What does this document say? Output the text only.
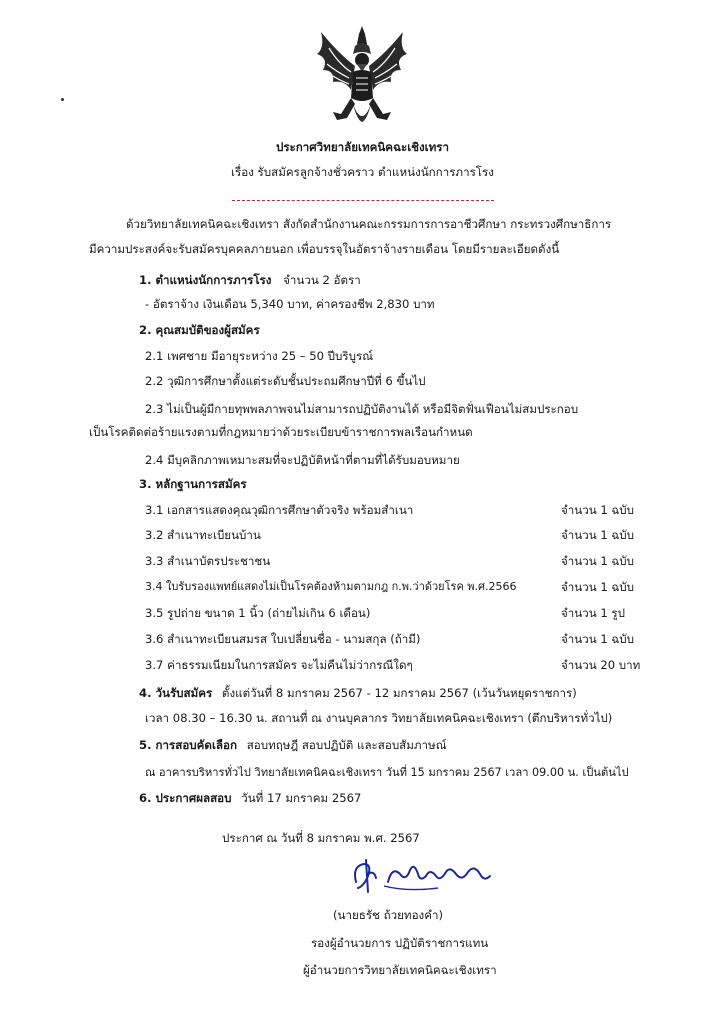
ประกาศวิทยาลัยเทคนิคฉะเชิงเทรา
เรื่อง รับสมัครลูกจ้างชั่วคราว ตำแหน่งนักการภารโรง
ด้วยวิทยาลัยเทคนิคฉะเชิงเทรา สังกัดสำนักงานคณะกรรมการการอาชีวศึกษา กระทรวงศึกษาธิการ
มีความประสงค์จะรับสมัครบุคคลภายนอก เพื่อบรรจุในอัตราจ้างรายเดือน โดยมีรายละเอียดดังนี้
1. ตำแหน่งนักการภารโรง จำนวน 2 อัตรา
- อัตราจ้าง เงินเดือน 5,340 บาท, ค่าครองชีพ 2,830 บาท
2. คุณสมบัติของผู้สมัคร
2.1 เพศชาย มีอายุระหว่าง 25 – 50 ปีบริบูรณ์
2.2 วุฒิการศึกษาตั้งแต่ระดับชั้นประถมศึกษาปีที่ 6 ขึ้นไป
2.3 ไม่เป็นผู้มีกายทุพพลภาพจนไม่สามารถปฏิบัติงานได้ หรือมีจิตฟั่นเฟือนไม่สมประกอบ
เป็นโรคติดต่อร้ายแรงตามที่กฎหมายว่าด้วยระเบียบข้าราชการพลเรือนกำหนด
2.4 มีบุคลิกภาพเหมาะสมที่จะปฏิบัติหน้าที่ตามที่ได้รับมอบหมาย
3. หลักฐานการสมัคร
3.1 เอกสารแสดงคุณวุฒิการศึกษาตัวจริง พร้อมสำเนา	จำนวน 1 ฉบับ
3.2 สำเนาทะเบียนบ้าน	จำนวน 1 ฉบับ
3.3 สำเนาบัตรประชาชน	จำนวน 1 ฉบับ
3.4 ใบรับรองแพทย์แสดงไม่เป็นโรคต้องห้ามตามกฎ ก.พ.ว่าด้วยโรค พ.ศ.2566	จำนวน 1 ฉบับ
3.5 รูปถ่าย ขนาด 1 นิ้ว (ถ่ายไม่เกิน 6 เดือน)	จำนวน 1 รูป
3.6 สำเนาทะเบียนสมรส ใบเปลี่ยนชื่อ - นามสกุล (ถ้ามี)	จำนวน 1 ฉบับ
3.7 ค่าธรรมเนียมในการสมัคร จะไม่คืนไม่ว่ากรณีใดๆ	จำนวน 20 บาท
4. วันรับสมัคร ตั้งแต่วันที่ 8 มกราคม 2567 - 12 มกราคม 2567 (เว้นวันหยุดราชการ)
เวลา 08.30 – 16.30 น. สถานที่ ณ งานบุคลากร วิทยาลัยเทคนิคฉะเชิงเทรา (ตึกบริหารทั่วไป)
5. การสอบคัดเลือก สอบทฤษฎี สอบปฏิบัติ และสอบสัมภาษณ์
ณ อาคารบริหารทั่วไป วิทยาลัยเทคนิคฉะเชิงเทรา วันที่ 15 มกราคม 2567 เวลา 09.00 น. เป็นต้นไป
6. ประกาศผลสอบ วันที่ 17 มกราคม 2567
ประกาศ ณ วันที่ 8 มกราคม พ.ศ. 2567
(นายธรัช ถ้วยทองคำ)
รองผู้อำนวยการ ปฏิบัติราชการแทน
ผู้อำนวยการวิทยาลัยเทคนิคฉะเชิงเทรา
